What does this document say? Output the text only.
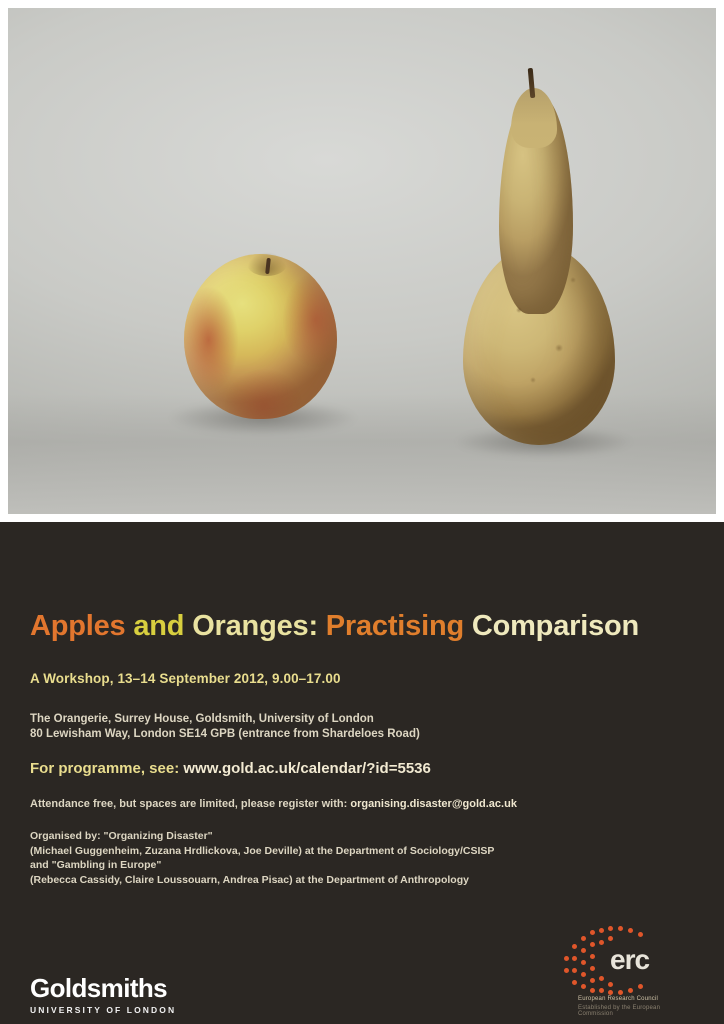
Apples and Oranges: Practising Comparison
A Workshop, 13–14 September 2012, 9.00–17.00
The Orangerie, Surrey House, Goldsmith, University of London
80 Lewisham Way, London SE14 GPB (entrance from Shardeloes Road)
For programme, see: www.gold.ac.uk/calendar/?id=5536
Attendance free, but spaces are limited, please register with: organising.disaster@gold.ac.uk
Organised by: "Organizing Disaster"
(Michael Guggenheim, Zuzana Hrdlickova, Joe Deville) at the Department of Sociology/CSISP
and "Gambling in Europe"
(Rebecca Cassidy, Claire Loussouarn, Andrea Pisac) at the Department of Anthropology
Goldsmiths
UNIVERSITY OF LONDON
erc
European Research Council
Established by the European Commission
